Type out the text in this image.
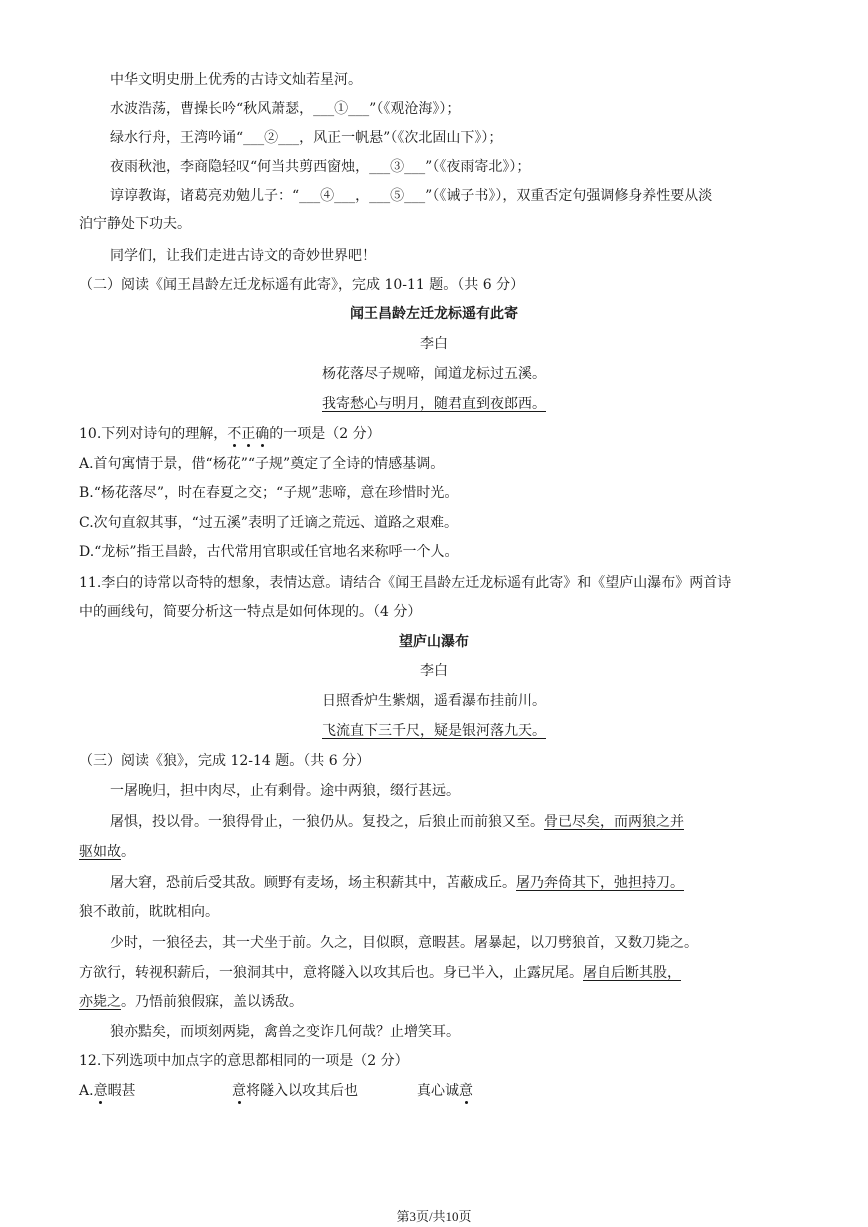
中华文明史册上优秀的古诗文灿若星河。
水波浩荡，曹操长吟“秋风萧瑟，___①___”（《观沧海》）；
绿水行舟，王湾吟诵“___②___，风正一帆悬”（《次北固山下》）；
夜雨秋池，李商隐轻叹“何当共剪西窗烛，___③___”（《夜雨寄北》）；
谆谆教诲，诸葛亮劝勉儿子：“___④___，___⑤___”（《诫子书》），双重否定句强调修身养性要从淡
泊宁静处下功夫。
同学们，让我们走进古诗文的奇妙世界吧！
（二）阅读《闻王昌龄左迁龙标遥有此寄》，完成 10-11 题。（共 6 分）
闻王昌龄左迁龙标遥有此寄
李白
杨花落尽子规啼，闻道龙标过五溪。
我寄愁心与明月，随君直到夜郎西。
10.下列对诗句的理解，不正确的一项是（2 分）
A.首句寓情于景，借“杨花”“子规”奠定了全诗的情感基调。
B.“杨花落尽”，时在春夏之交；“子规”悲啼，意在珍惜时光。
C.次句直叙其事，“过五溪”表明了迁谪之荒远、道路之艰难。
D.“龙标”指王昌龄，古代常用官职或任官地名来称呼一个人。
11.李白的诗常以奇特的想象，表情达意。请结合《闻王昌龄左迁龙标遥有此寄》和《望庐山瀑布》两首诗
中的画线句，简要分析这一特点是如何体现的。（4 分）
望庐山瀑布
李白
日照香炉生紫烟，遥看瀑布挂前川。
飞流直下三千尺，疑是银河落九天。
（三）阅读《狼》，完成 12-14 题。（共 6 分）
一屠晚归，担中肉尽，止有剩骨。途中两狼，缀行甚远。
屠惧，投以骨。一狼得骨止，一狼仍从。复投之，后狼止而前狼又至。骨已尽矣，而两狼之并
驱如故。
屠大窘，恐前后受其敌。顾野有麦场，场主积薪其中，苫蔽成丘。屠乃奔倚其下，弛担持刀。
狼不敢前，眈眈相向。
少时，一狼径去，其一犬坐于前。久之，目似瞑，意暇甚。屠暴起，以刀劈狼首，又数刀毙之。
方欲行，转视积薪后，一狼洞其中，意将隧入以攻其后也。身已半入，止露尻尾。屠自后断其股，
亦毙之。乃悟前狼假寐，盖以诱敌。
狼亦黠矣，而顷刻两毙，禽兽之变诈几何哉？止增笑耳。
12.下列选项中加点字的意思都相同的一项是（2 分）
A.意暇甚	意将隧入以攻其后也	真心诚意
第3页/共10页
